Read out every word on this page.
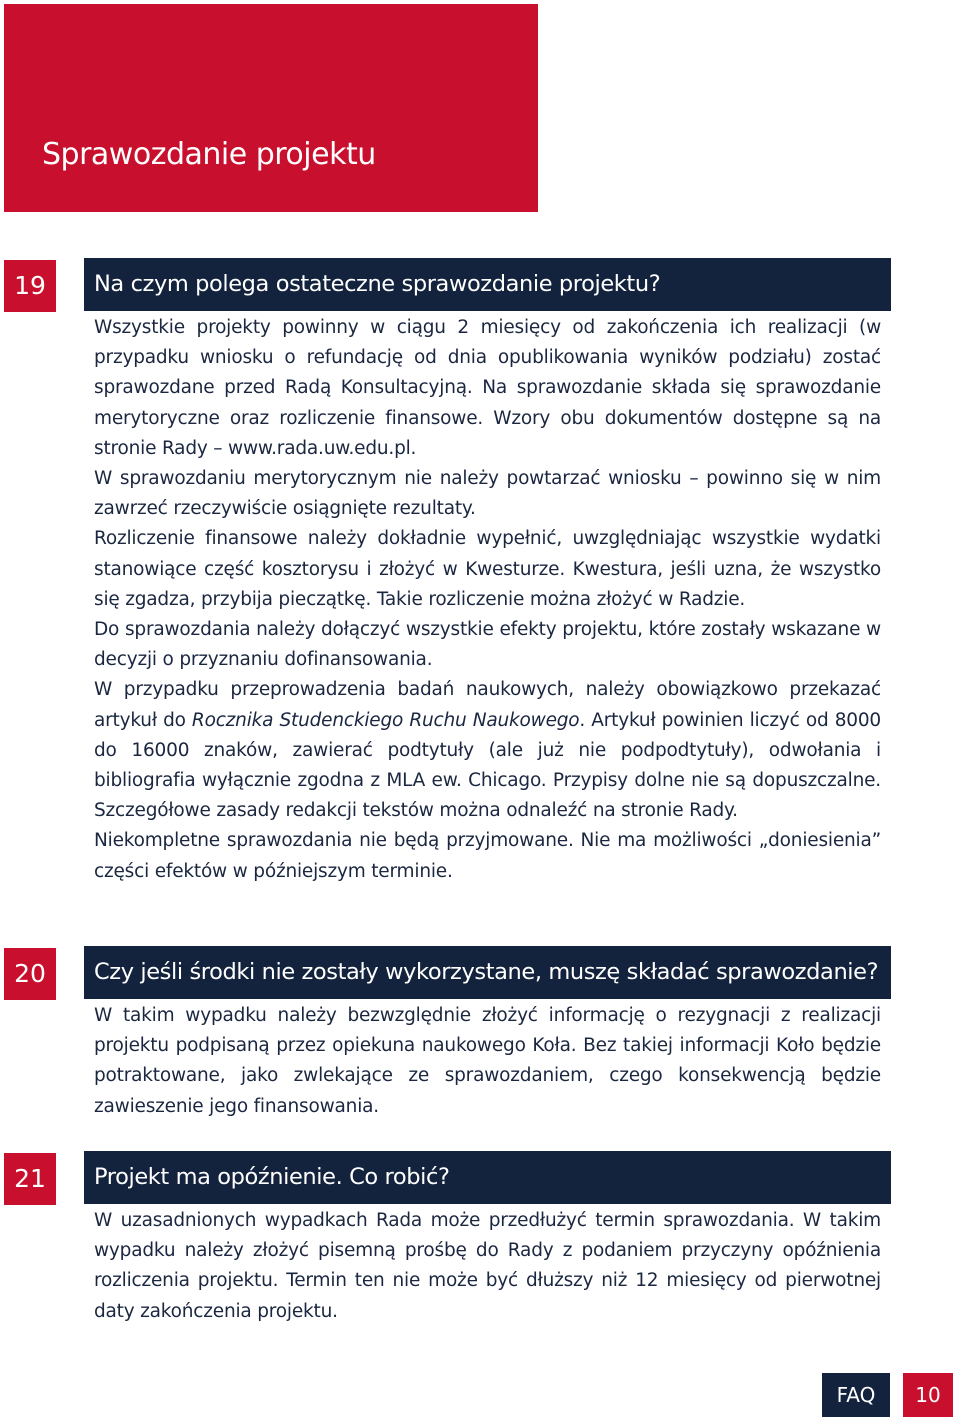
Sprawozdanie projektu
19	Na czym polega ostateczne sprawozdanie projektu?

Wszystkie projekty powinny w ciągu 2 miesięcy od zakończenia ich realizacji (w przypadku wniosku o refundację od dnia opublikowania wyników podziału) zostać sprawozdane przed Radą Konsultacyjną. Na sprawozdanie składa się sprawozdanie merytoryczne oraz rozliczenie finansowe. Wzory obu dokumentów dostępne są na stronie Rady – www.rada.uw.edu.pl.

W sprawozdaniu merytorycznym nie należy powtarzać wniosku – powinno się w nim zawrzeć rzeczywiście osiągnięte rezultaty.

Rozliczenie finansowe należy dokładnie wypełnić, uwzględniając wszystkie wydatki stanowiące część kosztorysu i złożyć w Kwesturze. Kwestura, jeśli uzna, że wszystko się zgadza, przybija pieczątkę. Takie rozliczenie można złożyć w Radzie.

Do sprawozdania należy dołączyć wszystkie efekty projektu, które zostały wskazane w decyzji o przyznaniu dofinansowania.

W przypadku przeprowadzenia badań naukowych, należy obowiązkowo przekazać artykuł do Rocznika Studenckiego Ruchu Naukowego. Artykuł powinien liczyć od 8000 do 16000 znaków, zawierać podtytuły (ale już nie podpodtytuły), odwołania i bibliografia wyłącznie zgodna z MLA ew. Chicago. Przypisy dolne nie są dopuszczalne. Szczegółowe zasady redakcji tekstów można odnaleźć na stronie Rady.

Niekompletne sprawozdania nie będą przyjmowane. Nie ma możliwości „doniesienia” części efektów w późniejszym terminie.

20	Czy jeśli środki nie zostały wykorzystane, muszę składać sprawozdanie?

W takim wypadku należy bezwzględnie złożyć informację o rezygnacji z realizacji projektu podpisaną przez opiekuna naukowego Koła. Bez takiej informacji Koło będzie potraktowane, jako zwlekające ze sprawozdaniem, czego konsekwencją będzie zawieszenie jego finansowania.

21	Projekt ma opóźnienie. Co robić?

W uzasadnionych wypadkach Rada może przedłużyć termin sprawozdania. W takim wypadku należy złożyć pisemną prośbę do Rady z podaniem przyczyny opóźnienia rozliczenia projektu. Termin ten nie może być dłuższy niż 12 miesięcy od pierwotnej daty zakończenia projektu.

FAQ	10
